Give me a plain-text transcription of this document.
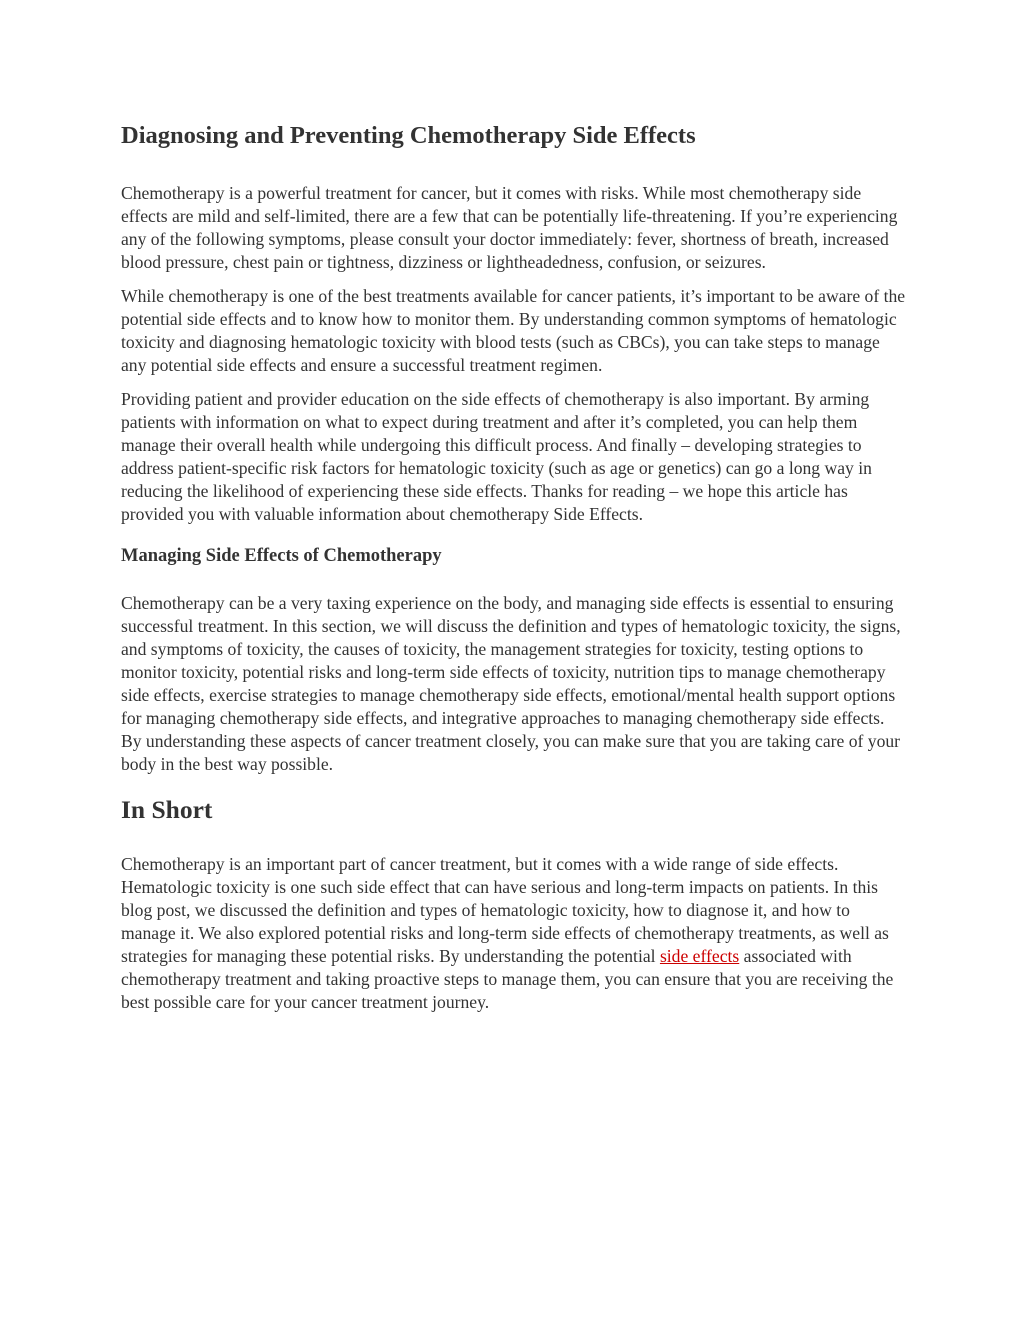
Diagnosing and Preventing Chemotherapy Side Effects

Chemotherapy is a powerful treatment for cancer, but it comes with risks. While most chemotherapy side effects are mild and self-limited, there are a few that can be potentially life-threatening. If you’re experiencing any of the following symptoms, please consult your doctor immediately: fever, shortness of breath, increased blood pressure, chest pain or tightness, dizziness or lightheadedness, confusion, or seizures.

While chemotherapy is one of the best treatments available for cancer patients, it’s important to be aware of the potential side effects and to know how to monitor them. By understanding common symptoms of hematologic toxicity and diagnosing hematologic toxicity with blood tests (such as CBCs), you can take steps to manage any potential side effects and ensure a successful treatment regimen.

Providing patient and provider education on the side effects of chemotherapy is also important. By arming patients with information on what to expect during treatment and after it’s completed, you can help them manage their overall health while undergoing this difficult process. And finally – developing strategies to address patient-specific risk factors for hematologic toxicity (such as age or genetics) can go a long way in reducing the likelihood of experiencing these side effects. Thanks for reading – we hope this article has provided you with valuable information about chemotherapy Side Effects.

Managing Side Effects of Chemotherapy

Chemotherapy can be a very taxing experience on the body, and managing side effects is essential to ensuring successful treatment. In this section, we will discuss the definition and types of hematologic toxicity, the signs, and symptoms of toxicity, the causes of toxicity, the management strategies for toxicity, testing options to monitor toxicity, potential risks and long-term side effects of toxicity, nutrition tips to manage chemotherapy side effects, exercise strategies to manage chemotherapy side effects, emotional/mental health support options for managing chemotherapy side effects, and integrative approaches to managing chemotherapy side effects. By understanding these aspects of cancer treatment closely, you can make sure that you are taking care of your body in the best way possible.

In Short

Chemotherapy is an important part of cancer treatment, but it comes with a wide range of side effects. Hematologic toxicity is one such side effect that can have serious and long-term impacts on patients. In this blog post, we discussed the definition and types of hematologic toxicity, how to diagnose it, and how to manage it. We also explored potential risks and long-term side effects of chemotherapy treatments, as well as strategies for managing these potential risks. By understanding the potential side effects associated with chemotherapy treatment and taking proactive steps to manage them, you can ensure that you are receiving the best possible care for your cancer treatment journey.
